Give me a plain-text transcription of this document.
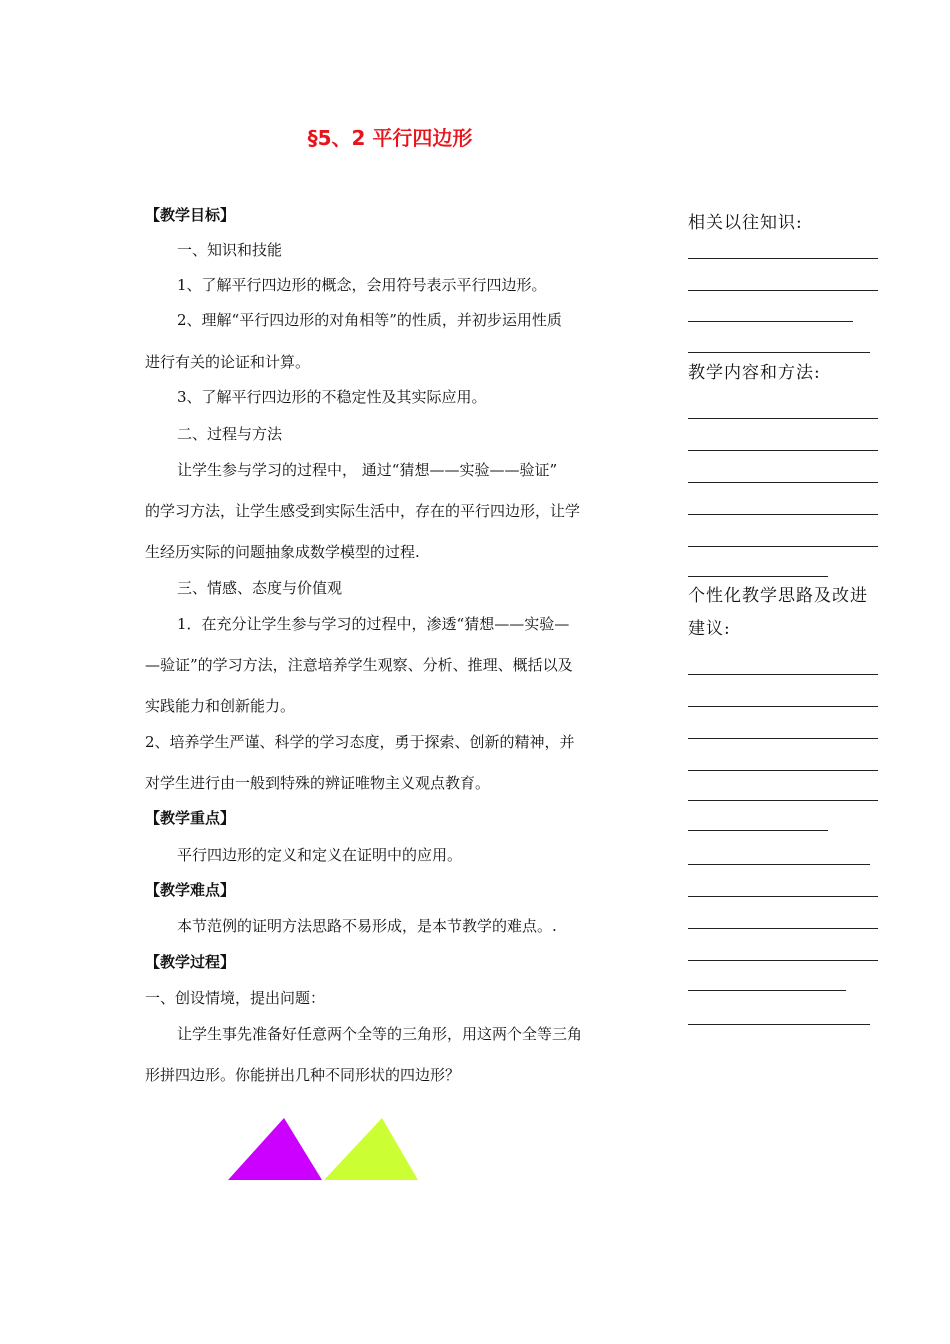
§5、2 平行四边形
【教学目标】
一、知识和技能
1、了解平行四边形的概念，会用符号表示平行四边形。
2、理解“平行四边形的对角相等”的性质，并初步运用性质
进行有关的论证和计算。
3、了解平行四边形的不稳定性及其实际应用。
二、过程与方法
让学生参与学习的过程中， 通过“猜想——实验——验证”
的学习方法，让学生感受到实际生活中，存在的平行四边形，让学
生经历实际的问题抽象成数学模型的过程.
三、情感、态度与价值观
1．在充分让学生参与学习的过程中，渗透“猜想——实验—
—验证”的学习方法，注意培养学生观察、分析、推理、概括以及
实践能力和创新能力。
2、培养学生严谨、科学的学习态度，勇于探索、创新的精神，并
对学生进行由一般到特殊的辨证唯物主义观点教育。
【教学重点】
平行四边形的定义和定义在证明中的应用。
【教学难点】
本节范例的证明方法思路不易形成，是本节教学的难点。.
【教学过程】
一、创设情境，提出问题：
让学生事先准备好任意两个全等的三角形，用这两个全等三角
形拼四边形。你能拼出几种不同形状的四边形？
相关以往知识:
教学内容和方法:
个性化教学思路及改进
建议:
